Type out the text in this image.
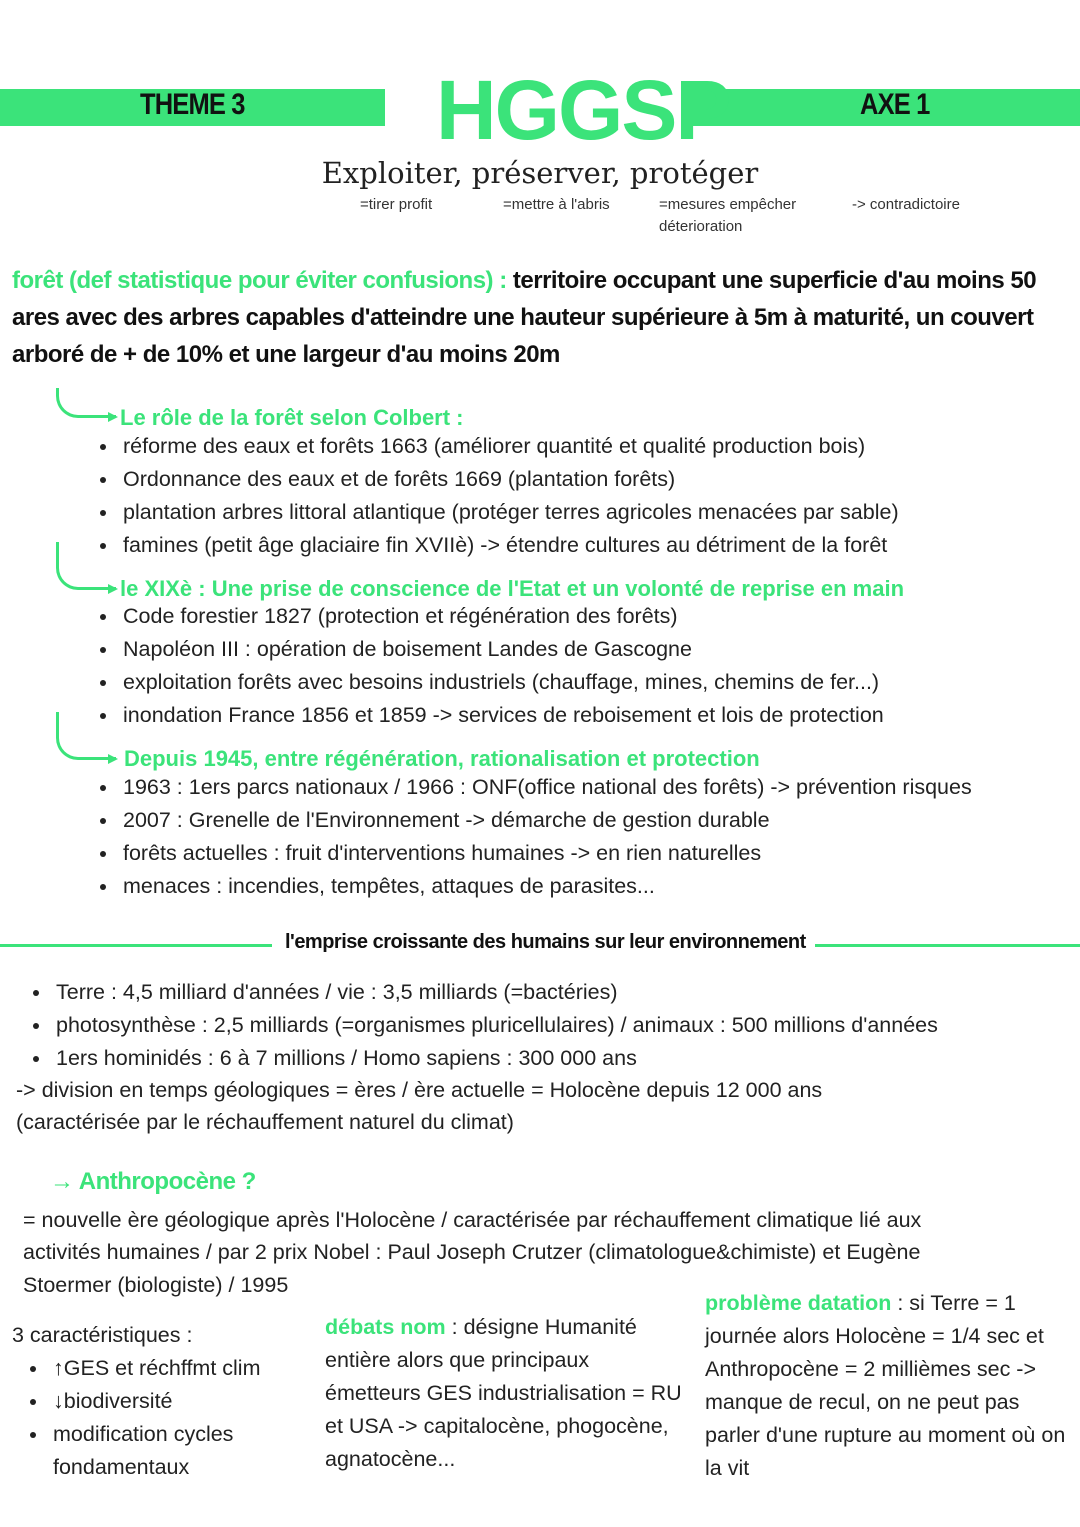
THEME 3	AXE 1
HGGSP
Exploiter, préserver, protéger
=tirer profit	=mettre à l'abris	=mesures empêcher déterioration
-> contradictoire
forêt (def statistique pour éviter confusions) : territoire occupant une superficie d'au moins 50 ares avec des arbres capables d'atteindre une hauteur supérieure à 5m à maturité, un couvert arboré de + de 10% et une largeur d'au moins 20m
Le rôle de la forêt selon Colbert :
réforme des eaux et forêts 1663 (améliorer quantité et qualité production bois)
Ordonnance des eaux et de forêts 1669 (plantation forêts)
plantation arbres littoral atlantique (protéger terres agricoles menacées par sable)
famines (petit âge glaciaire fin XVIIè) -> étendre cultures au détriment de la forêt
le XIXè : Une prise de conscience de l'Etat et un volonté de reprise en main
Code forestier 1827 (protection et régénération des forêts)
Napoléon III : opération de boisement Landes de Gascogne
exploitation forêts avec besoins industriels (chauffage, mines, chemins de fer...)
inondation France 1856 et 1859 -> services de reboisement et lois de protection
Depuis 1945, entre régénération, rationalisation et protection
1963 : 1ers parcs nationaux / 1966 : ONF(office national des forêts) -> prévention risques
2007 : Grenelle de l'Environnement -> démarche de gestion durable
forêts actuelles : fruit d'interventions humaines -> en rien naturelles
menaces : incendies, tempêtes, attaques de parasites...
l'emprise croissante des humains sur leur environnement
Terre : 4,5 milliard d'années / vie : 3,5 milliards (=bactéries)
photosynthèse : 2,5 milliards (=organismes pluricellulaires) / animaux : 500 millions d'années
1ers hominidés : 6 à 7 millions / Homo sapiens : 300 000 ans
-> division en temps géologiques = ères / ère actuelle = Holocène depuis 12 000 ans
(caractérisée par le réchauffement naturel du climat)
→ Anthropocène ?
= nouvelle ère géologique après l'Holocène / caractérisée par réchauffement climatique lié aux
activités humaines / par 2 prix Nobel : Paul Joseph Crutzer (climatologue&chimiste) et Eugène
Stoermer (biologiste) / 1995
3 caractéristiques :
↑GES et réchffmt clim
↓biodiversité
modification cycles fondamentaux
débats nom : désigne Humanité entière alors que principaux émetteurs GES industrialisation = RU et USA -> capitalocène, phogocène, agnatocène...
problème datation : si Terre = 1 journée alors Holocène = 1/4 sec et Anthropocène = 2 millièmes sec -> manque de recul, on ne peut pas parler d'une rupture au moment où on la vit
